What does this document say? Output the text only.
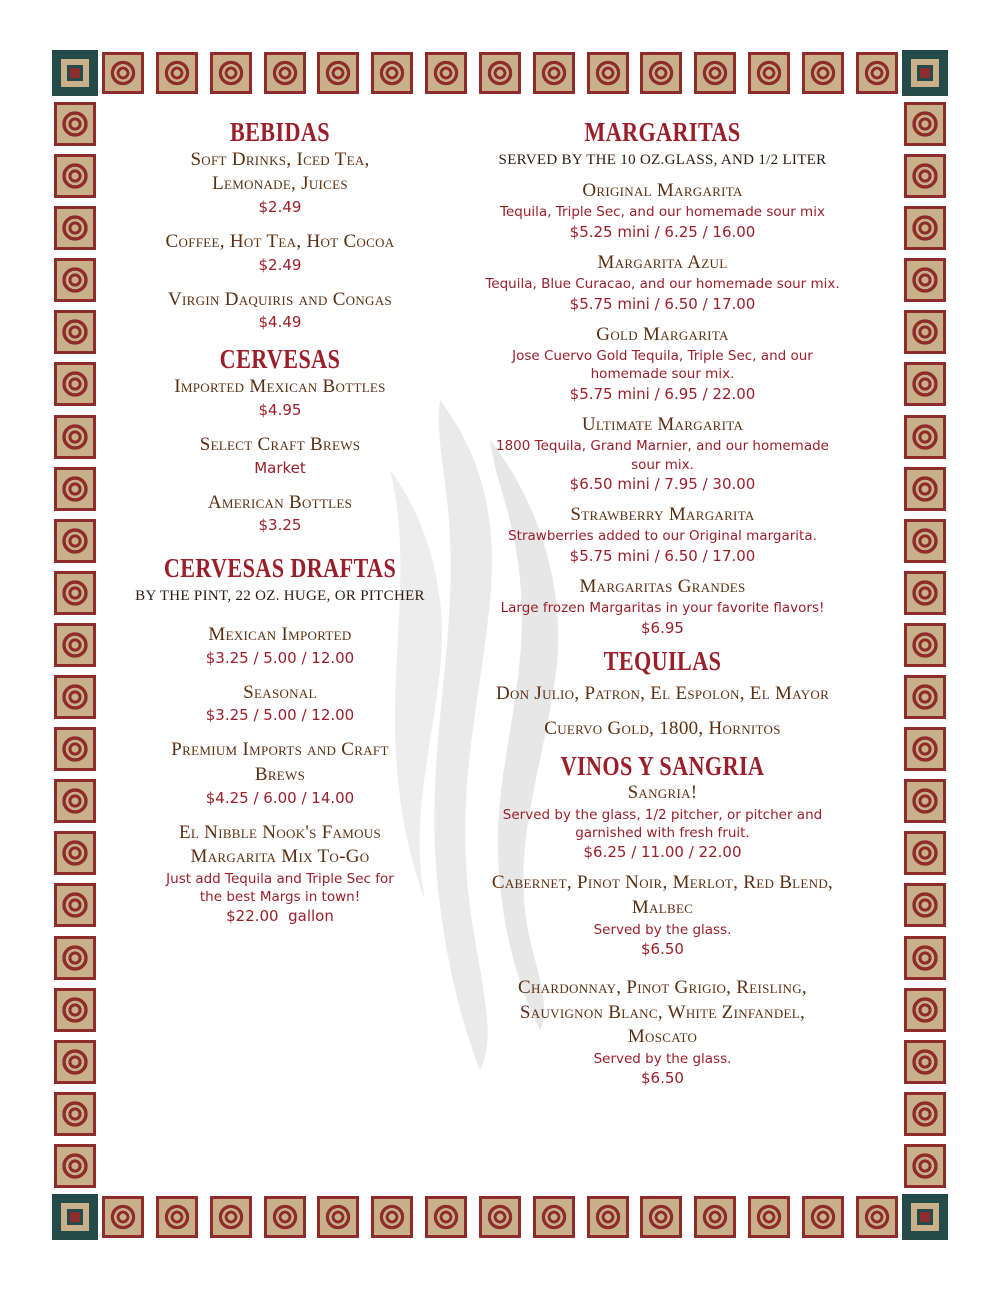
BEBIDAS
Soft Drinks, Iced Tea, Lemonade, Juices
$2.49
Coffee, Hot Tea, Hot Cocoa
$2.49
Virgin Daquiris and Congas
$4.49
CERVESAS
Imported Mexican Bottles
$4.95
Select Craft Brews
Market
American Bottles
$3.25
CERVESAS DRAFTAS
BY THE PINT, 22 OZ. HUGE, OR PITCHER
Mexican Imported
$3.25 / 5.00 / 12.00
Seasonal
$3.25 / 5.00 / 12.00
Premium Imports and Craft Brews
$4.25 / 6.00 / 14.00
El Nibble Nook's Famous Margarita Mix To-Go
Just add Tequila and Triple Sec for the best Margs in town!
$22.00  gallon
MARGARITAS
SERVED BY THE 10 OZ.GLASS, AND 1/2 LITER
Original Margarita
Tequila, Triple Sec, and our homemade sour mix
$5.25 mini / 6.25 / 16.00
Margarita Azul
Tequila, Blue Curacao, and our homemade sour mix.
$5.75 mini / 6.50 / 17.00
Gold Margarita
Jose Cuervo Gold Tequila, Triple Sec, and our homemade sour mix.
$5.75 mini / 6.95 / 22.00
Ultimate Margarita
1800 Tequila, Grand Marnier, and our homemade sour mix.
$6.50 mini / 7.95 / 30.00
Strawberry Margarita
Strawberries added to our Original margarita.
$5.75 mini / 6.50 / 17.00
Margaritas Grandes
Large frozen Margaritas in your favorite flavors!
$6.95
TEQUILAS
Don Julio, Patron, El Espolon, El Mayor
Cuervo Gold, 1800, Hornitos
VINOS Y SANGRIA
Sangria!
Served by the glass, 1/2 pitcher, or pitcher and garnished with fresh fruit.
$6.25 / 11.00 / 22.00
Cabernet, Pinot Noir, Merlot, Red Blend, Malbec
Served by the glass.
$6.50
Chardonnay, Pinot Grigio, Reisling, Sauvignon Blanc, White Zinfandel, Moscato
Served by the glass.
$6.50
